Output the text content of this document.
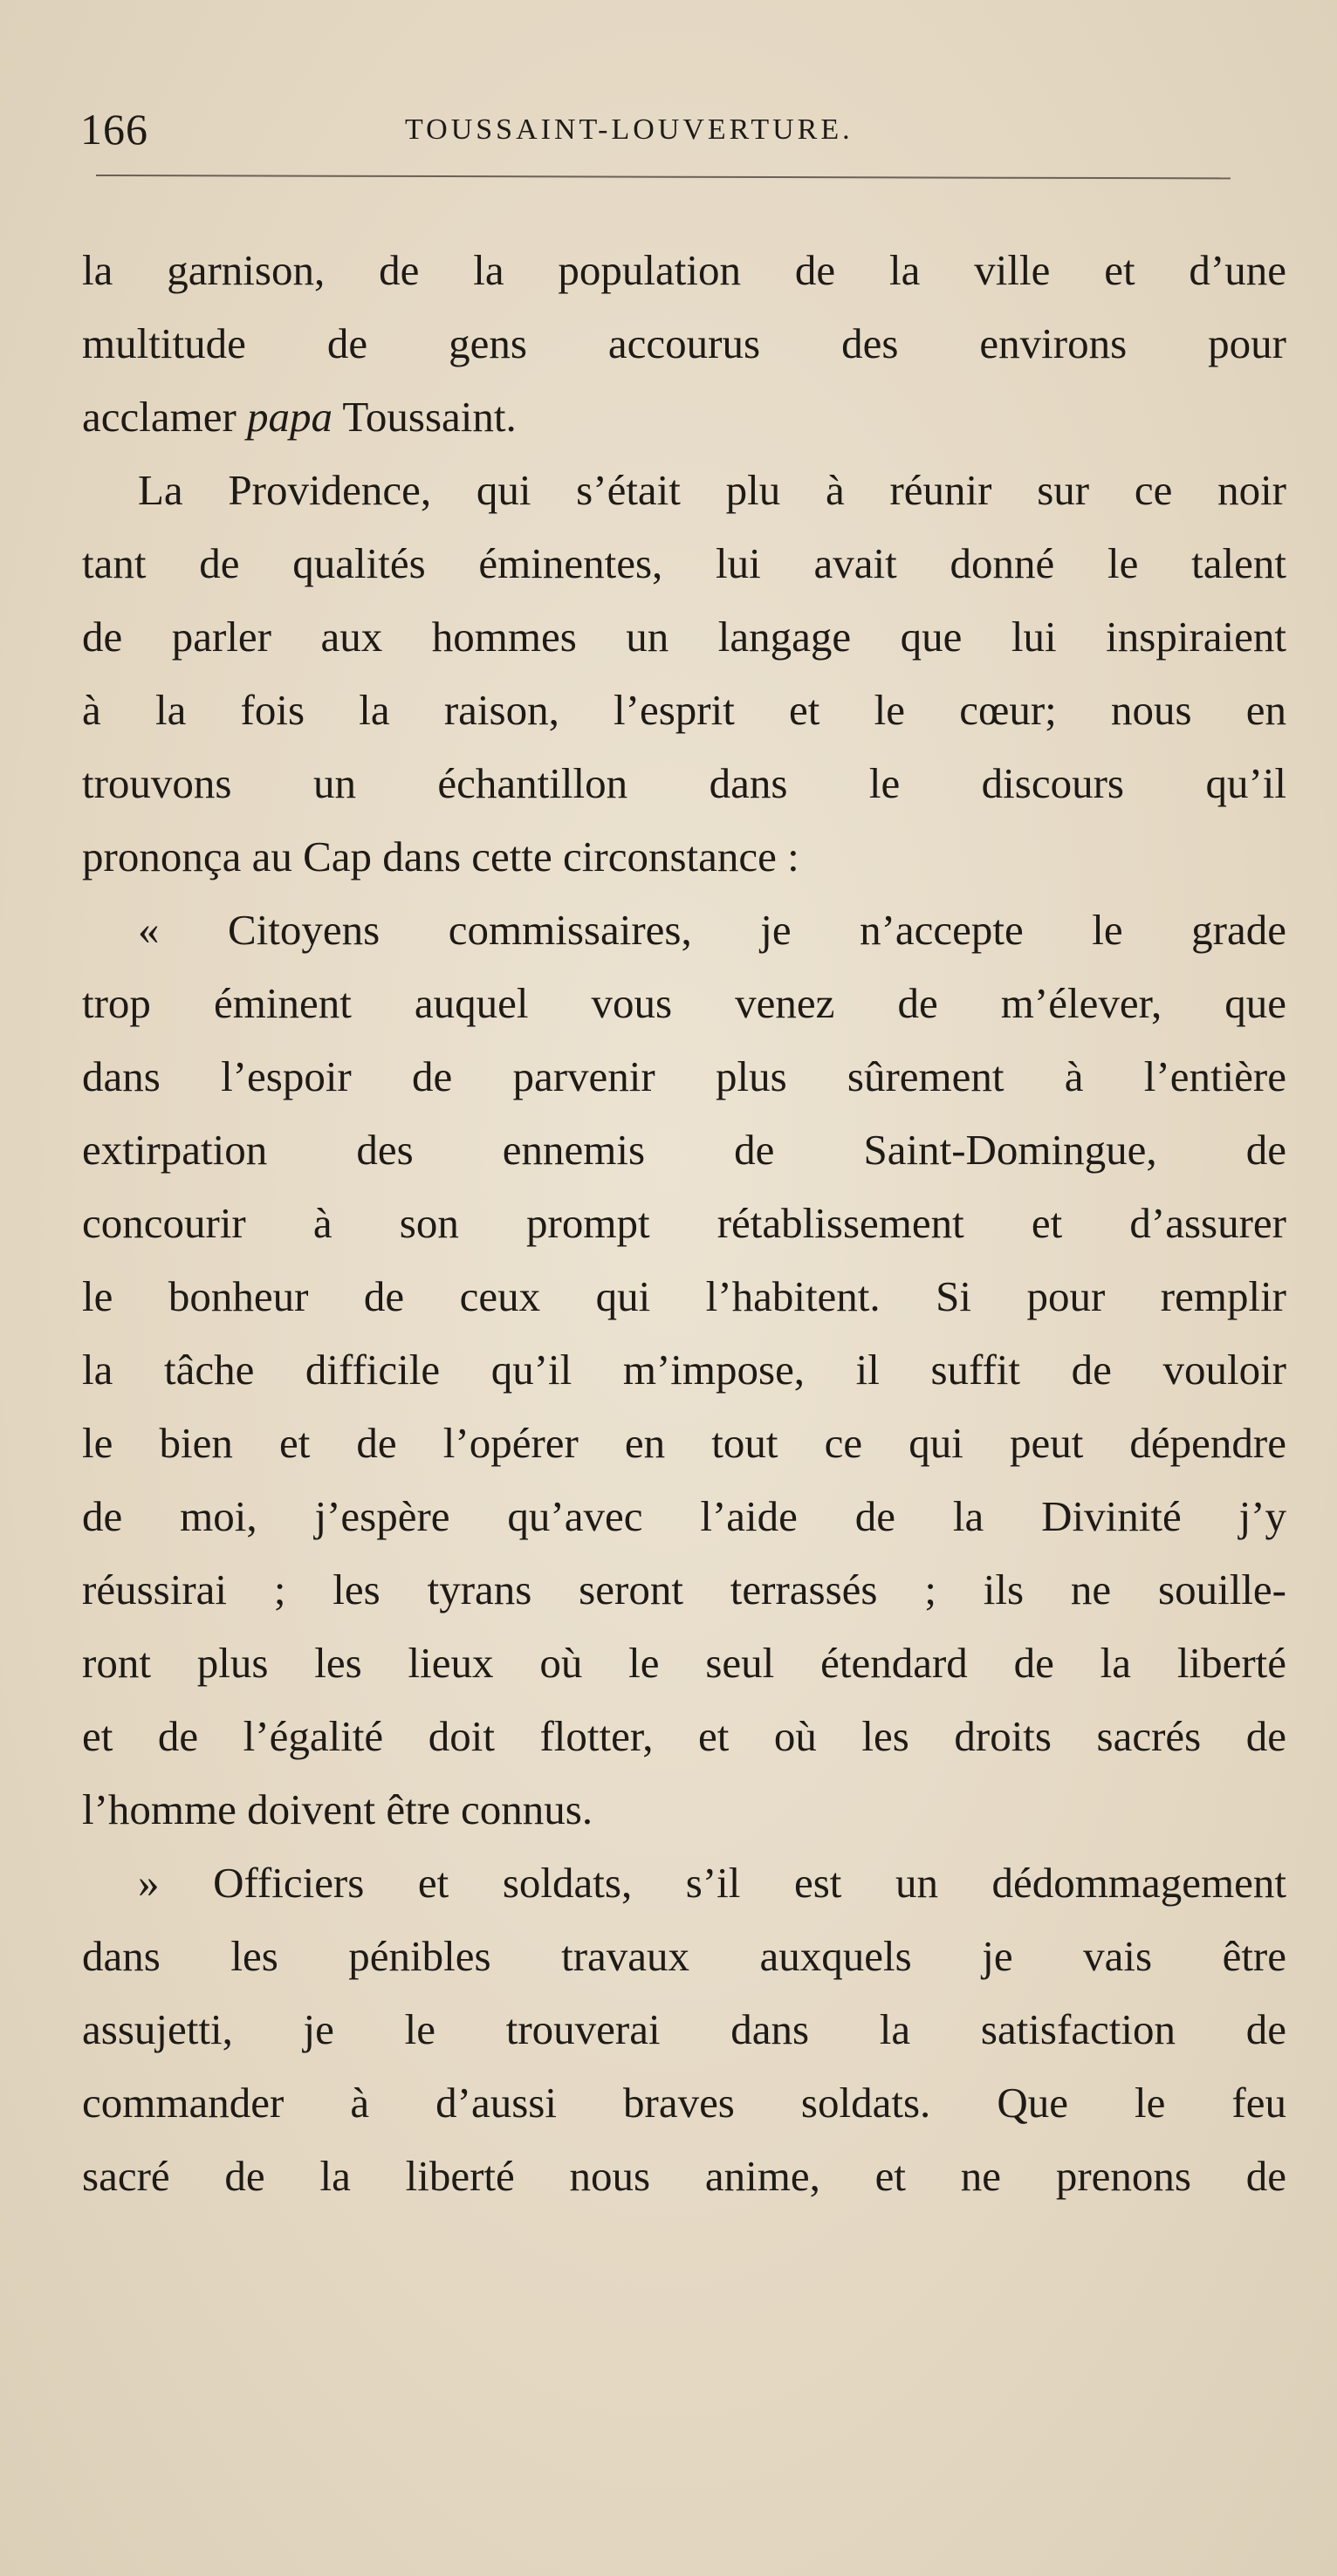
166	TOUSSAINT-LOUVERTURE.
la garnison, de la population de la ville et d’une
multitude de gens accourus des environs pour
acclamer papa Toussaint.
La Providence, qui s’était plu à réunir sur ce noir
tant de qualités éminentes, lui avait donné le talent
de parler aux hommes un langage que lui inspiraient
à la fois la raison, l’esprit et le cœur; nous en
trouvons un échantillon dans le discours qu’il
prononça au Cap dans cette circonstance :
« Citoyens commissaires, je n’accepte le grade
trop éminent auquel vous venez de m’élever, que
dans l’espoir de parvenir plus sûrement à l’entière
extirpation des ennemis de Saint-Domingue, de
concourir à son prompt rétablissement et d’assurer
le bonheur de ceux qui l’habitent. Si pour remplir
la tâche difficile qu’il m’impose, il suffit de vouloir
le bien et de l’opérer en tout ce qui peut dépendre
de moi, j’espère qu’avec l’aide de la Divinité j’y
réussirai ; les tyrans seront terrassés ; ils ne souille-
ront plus les lieux où le seul étendard de la liberté
et de l’égalité doit flotter, et où les droits sacrés de
l’homme doivent être connus.
» Officiers et soldats, s’il est un dédommagement
dans les pénibles travaux auxquels je vais être
assujetti, je le trouverai dans la satisfaction de
commander à d’aussi braves soldats. Que le feu
sacré de la liberté nous anime, et ne prenons de
